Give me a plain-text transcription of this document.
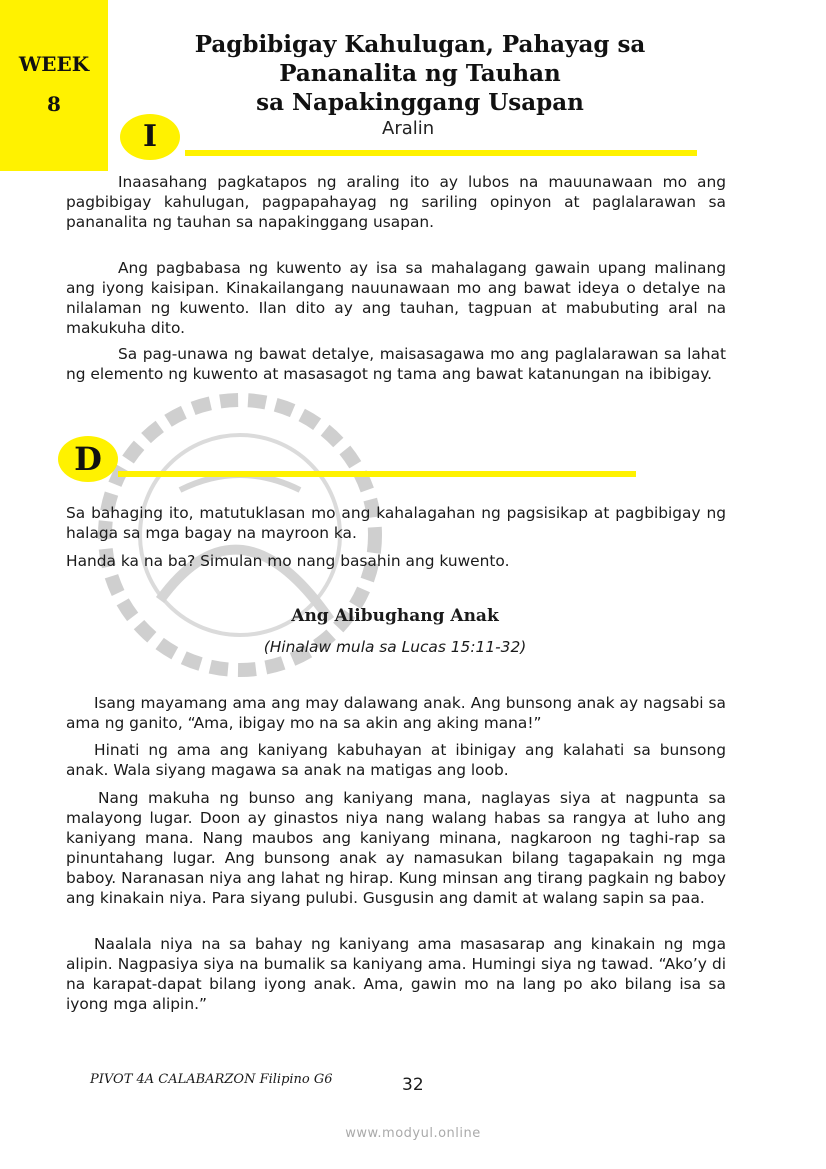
WEEK
8
Pagbibigay Kahulugan, Pahayag sa
Pananalita ng Tauhan
sa Napakinggang Usapan
I	Aralin

Inaasahang pagkatapos ng araling ito ay lubos na mauunawaan mo ang pagbibigay kahulugan, pagpapahayag ng sariling opinyon at paglalarawan sa pananalita ng tauhan sa napakinggang usapan.

Ang pagbabasa ng kuwento ay isa sa mahalagang gawain upang malinang ang iyong kaisipan. Kinakailangang nauunawaan mo ang bawat ideya o detalye na nilalaman ng kuwento. Ilan dito ay ang tauhan, tagpuan at mabubuting aral na makukuha dito.

Sa pag-unawa ng bawat detalye, maisasagawa mo ang paglalarawan sa lahat ng elemento ng kuwento at masasagot ng tama ang bawat katanungan na ibibigay.

D

Sa bahaging ito, matutuklasan mo ang kahalagahan ng pagsisikap at pagbibigay ng halaga sa mga bagay na mayroon ka.

Handa ka na ba? Simulan mo nang basahin ang kuwento.

Ang Alibughang Anak
(Hinalaw mula sa Lucas 15:11-32)

Isang mayamang ama ang may dalawang anak. Ang bunsong anak ay nagsabi sa ama ng ganito, “Ama, ibigay mo na sa akin ang aking mana!”

Hinati ng ama ang kaniyang kabuhayan at ibinigay ang kalahati sa bunsong anak. Wala siyang magawa sa anak na matigas ang loob.

Nang makuha ng bunso ang kaniyang mana, naglayas siya at nagpunta sa malayong lugar. Doon ay ginastos niya nang walang habas sa rangya at luho ang kaniyang mana. Nang maubos ang kaniyang minana, nagkaroon ng taghi-rap sa pinuntahang lugar. Ang bunsong anak ay namasukan bilang tagapakain ng mga baboy. Naranasan niya ang lahat ng hirap. Kung minsan ang tirang pagkain ng baboy ang kinakain niya. Para siyang pulubi. Gusgusin ang damit at walang sapin sa paa.

Naalala niya na sa bahay ng kaniyang ama masasarap ang kinakain ng mga alipin. Nagpasiya siya na bumalik sa kaniyang ama. Humingi siya ng tawad. “Ako’y di na karapat-dapat bilang iyong anak. Ama, gawin mo na lang po ako bilang isa sa iyong mga alipin.”

PIVOT 4A CALABARZON Filipino G6	32
www.modyul.online
